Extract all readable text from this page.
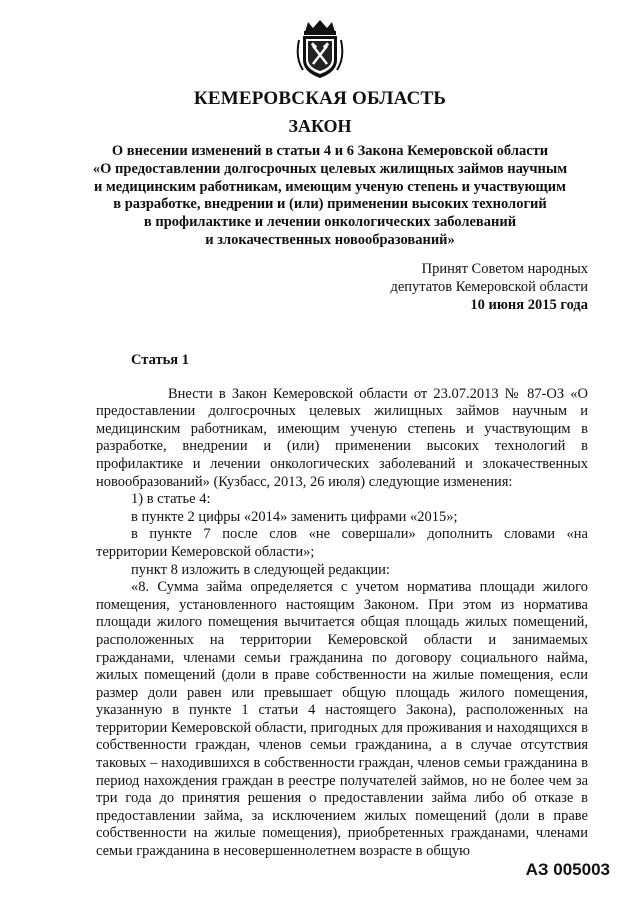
КЕМЕРОВСКАЯ ОБЛАСТЬ
ЗАКОН
О внесении изменений в статьи 4 и 6 Закона Кемеровской области
«О предоставлении долгосрочных целевых жилищных займов научным
и медицинским работникам, имеющим ученую степень и участвующим
в разработке, внедрении и (или) применении высоких технологий
в профилактике и лечении онкологических заболеваний
и злокачественных новообразований»
Принят Советом народных
депутатов Кемеровской области
10 июня 2015 года
Статья 1

Внести в Закон Кемеровской области от 23.07.2013 № 87-ОЗ «О предоставлении долгосрочных целевых жилищных займов научным и медицинским работникам, имеющим ученую степень и участвующим в разработке, внедрении и (или) применении высоких технологий в профилактике и лечении онкологических заболеваний и злокачественных новообразований» (Кузбасс, 2013, 26 июля) следующие изменения:

1) в статье 4:

в пункте 2 цифры «2014» заменить цифрами «2015»;

в пункте 7 после слов «не совершали» дополнить словами «на территории Кемеровской области»;

пункт 8 изложить в следующей редакции:

«8. Сумма займа определяется с учетом норматива площади жилого помещения, установленного настоящим Законом. При этом из норматива площади жилого помещения вычитается общая площадь жилых помещений, расположенных на территории Кемеровской области и занимаемых гражданами, членами семьи гражданина по договору социального найма, жилых помещений (доли в праве собственности на жилые помещения, если размер доли равен или превышает общую площадь жилого помещения, указанную в пункте 1 статьи 4 настоящего Закона), расположенных на территории Кемеровской области, пригодных для проживания и находящихся в собственности граждан, членов семьи гражданина, а в случае отсутствия таковых – находившихся в собственности граждан, членов семьи гражданина в период нахождения граждан в реестре получателей займов, но не более чем за три года до принятия решения о предоставлении займа либо об отказе в предоставлении займа, за исключением жилых помещений (доли в праве собственности на жилые помещения), приобретенных гражданами, членами семьи гражданина в несовершеннолетнем возрасте в общую

АЗ 005003
